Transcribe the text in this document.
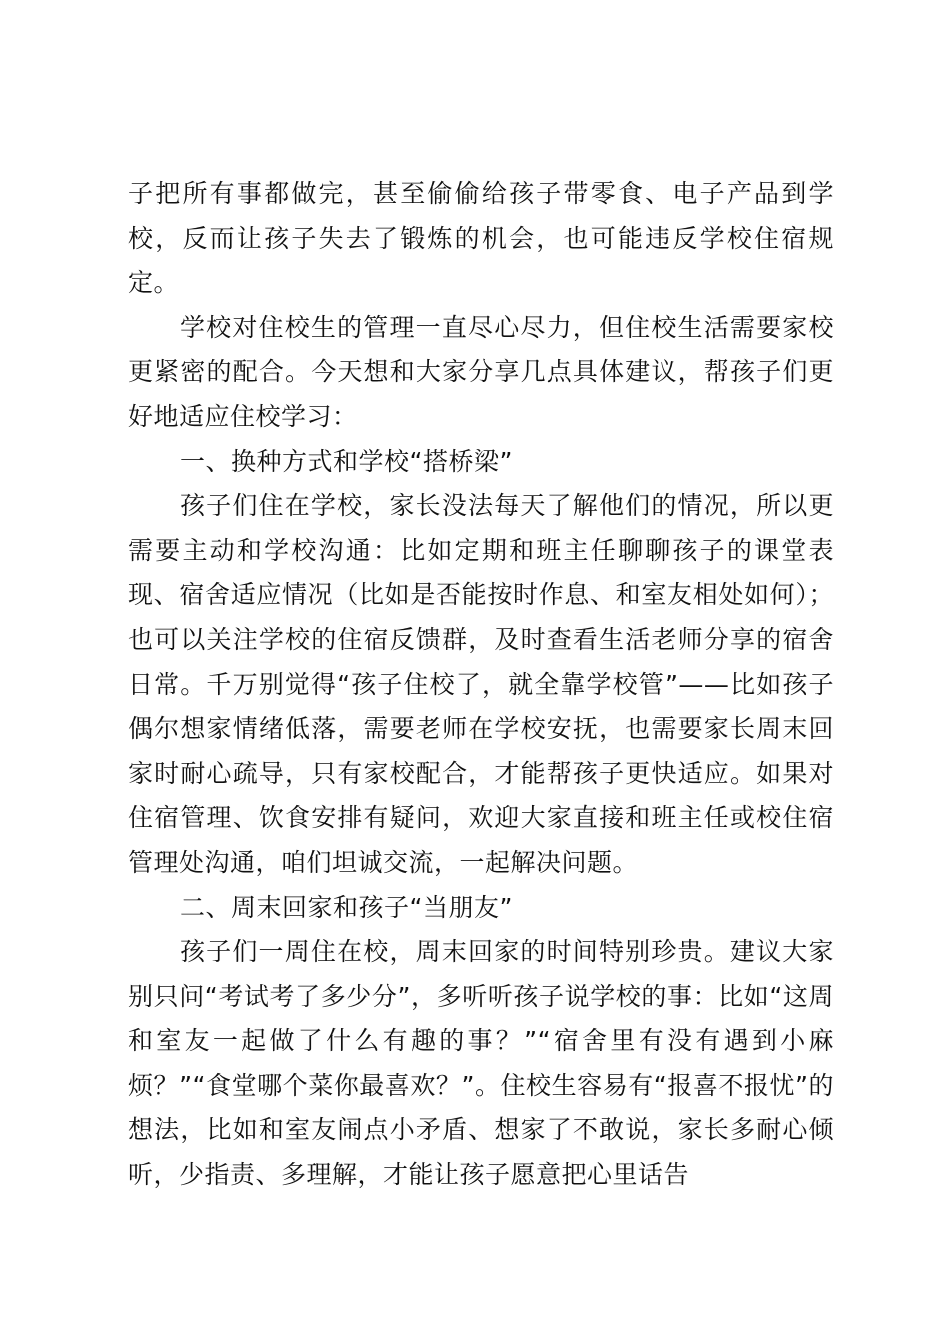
子把所有事都做完，甚至偷偷给孩子带零食、电子产品到学校，反而让孩子失去了锻炼的机会，也可能违反学校住宿规定。

学校对住校生的管理一直尽心尽力，但住校生活需要家校更紧密的配合。今天想和大家分享几点具体建议，帮孩子们更好地适应住校学习：

一、换种方式和学校“搭桥梁”

孩子们住在学校，家长没法每天了解他们的情况，所以更需要主动和学校沟通：比如定期和班主任聊聊孩子的课堂表现、宿舍适应情况（比如是否能按时作息、和室友相处如何）；也可以关注学校的住宿反馈群，及时查看生活老师分享的宿舍日常。千万别觉得“孩子住校了，就全靠学校管”——比如孩子偶尔想家情绪低落，需要老师在学校安抚，也需要家长周末回家时耐心疏导，只有家校配合，才能帮孩子更快适应。如果对住宿管理、饮食安排有疑问，欢迎大家直接和班主任或校住宿管理处沟通，咱们坦诚交流，一起解决问题。

二、周末回家和孩子“当朋友”

孩子们一周住在校，周末回家的时间特别珍贵。建议大家别只问“考试考了多少分”，多听听孩子说学校的事：比如“这周和室友一起做了什么有趣的事？”“宿舍里有没有遇到小麻烦？”“食堂哪个菜你最喜欢？”。住校生容易有“报喜不报忧”的想法，比如和室友闹点小矛盾、想家了不敢说，家长多耐心倾听，少指责、多理解，才能让孩子愿意把心里话告
